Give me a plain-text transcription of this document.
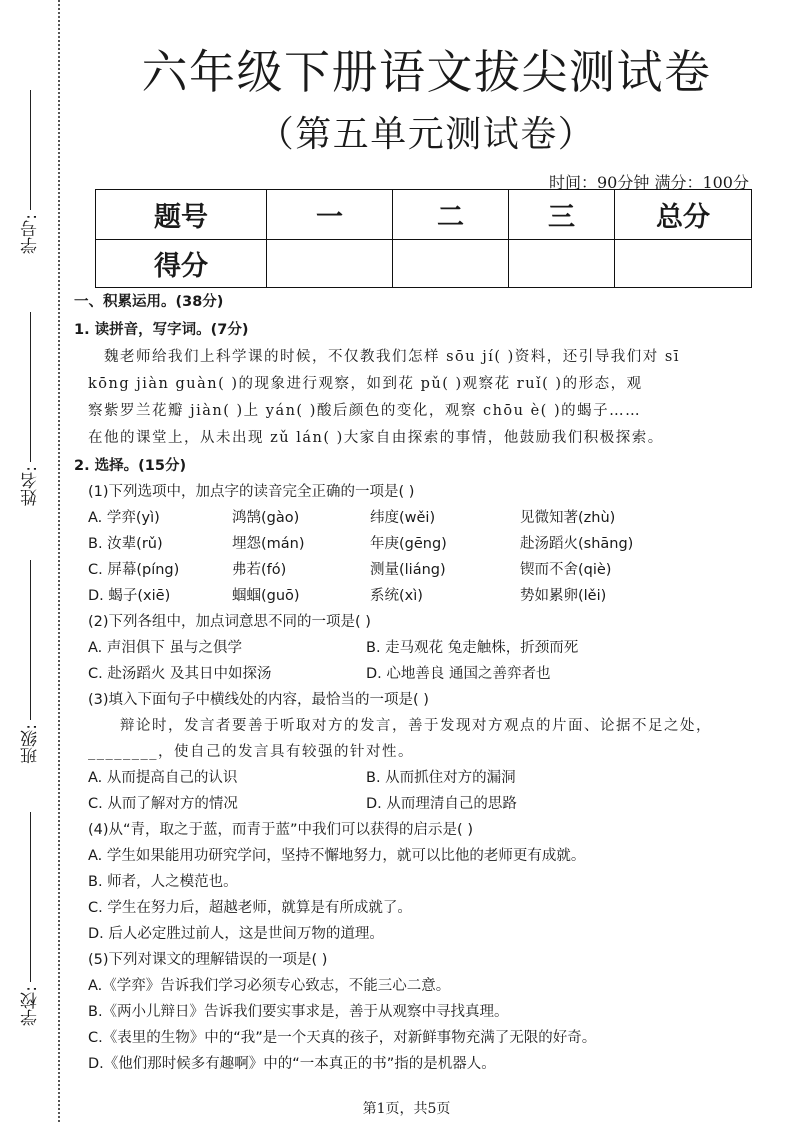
学号:
姓名:
班级:
学校:
六年级下册语文拔尖测试卷
（第五单元测试卷）
时间：90分钟 满分：100分
题号	一	二	三	总分
得分				
一、积累运用。(38分)
1. 读拼音，写字词。(7分)
魏老师给我们上科学课的时候，不仅教我们怎样 sōu jí( )资料，还引导我们对 sī
kōng jiàn guàn( )的现象进行观察，如到花 pǔ( )观察花 ruǐ( )的形态，观
察紫罗兰花瓣 jiàn( )上 yán( )酸后颜色的变化，观察 chōu è( )的蝎子……
在他的课堂上，从未出现 zǔ lán( )大家自由探索的事情，他鼓励我们积极探索。
2. 选择。(15分)
(1)下列选项中，加点字的读音完全正确的一项是( )
A. 学弈(yì)	鸿鹄(gào)	纬度(wěi)	见微知著(zhù)
B. 汝辈(rǔ)	埋怨(mán)	年庚(gēng)	赴汤蹈火(shāng)
C. 屏幕(píng)	弗若(fó)	测量(liáng)	锲而不舍(qiè)
D. 蝎子(xiē)	蝈蝈(guō)	系统(xì)	势如累卵(lěi)
(2)下列各组中，加点词意思不同的一项是( )
A. 声泪俱下 虽与之俱学	B. 走马观花 兔走触株，折颈而死
C. 赴汤蹈火 及其日中如探汤	D. 心地善良 通国之善弈者也
(3)填入下面句子中横线处的内容，最恰当的一项是( )
辩论时，发言者要善于听取对方的发言，善于发现对方观点的片面、论据不足之处，
________，使自己的发言具有较强的针对性。
A. 从而提高自己的认识	B. 从而抓住对方的漏洞
C. 从而了解对方的情况	D. 从而理清自己的思路
(4)从“青，取之于蓝，而青于蓝”中我们可以获得的启示是( )
A. 学生如果能用功研究学问，坚持不懈地努力，就可以比他的老师更有成就。
B. 师者，人之模范也。
C. 学生在努力后，超越老师，就算是有所成就了。
D. 后人必定胜过前人，这是世间万物的道理。
(5)下列对课文的理解错误的一项是( )
A.《学弈》告诉我们学习必须专心致志，不能三心二意。
B.《两小儿辩日》告诉我们要实事求是，善于从观察中寻找真理。
C.《表里的生物》中的“我”是一个天真的孩子，对新鲜事物充满了无限的好奇。
D.《他们那时候多有趣啊》中的“一本真正的书”指的是机器人。
第1页，共5页
